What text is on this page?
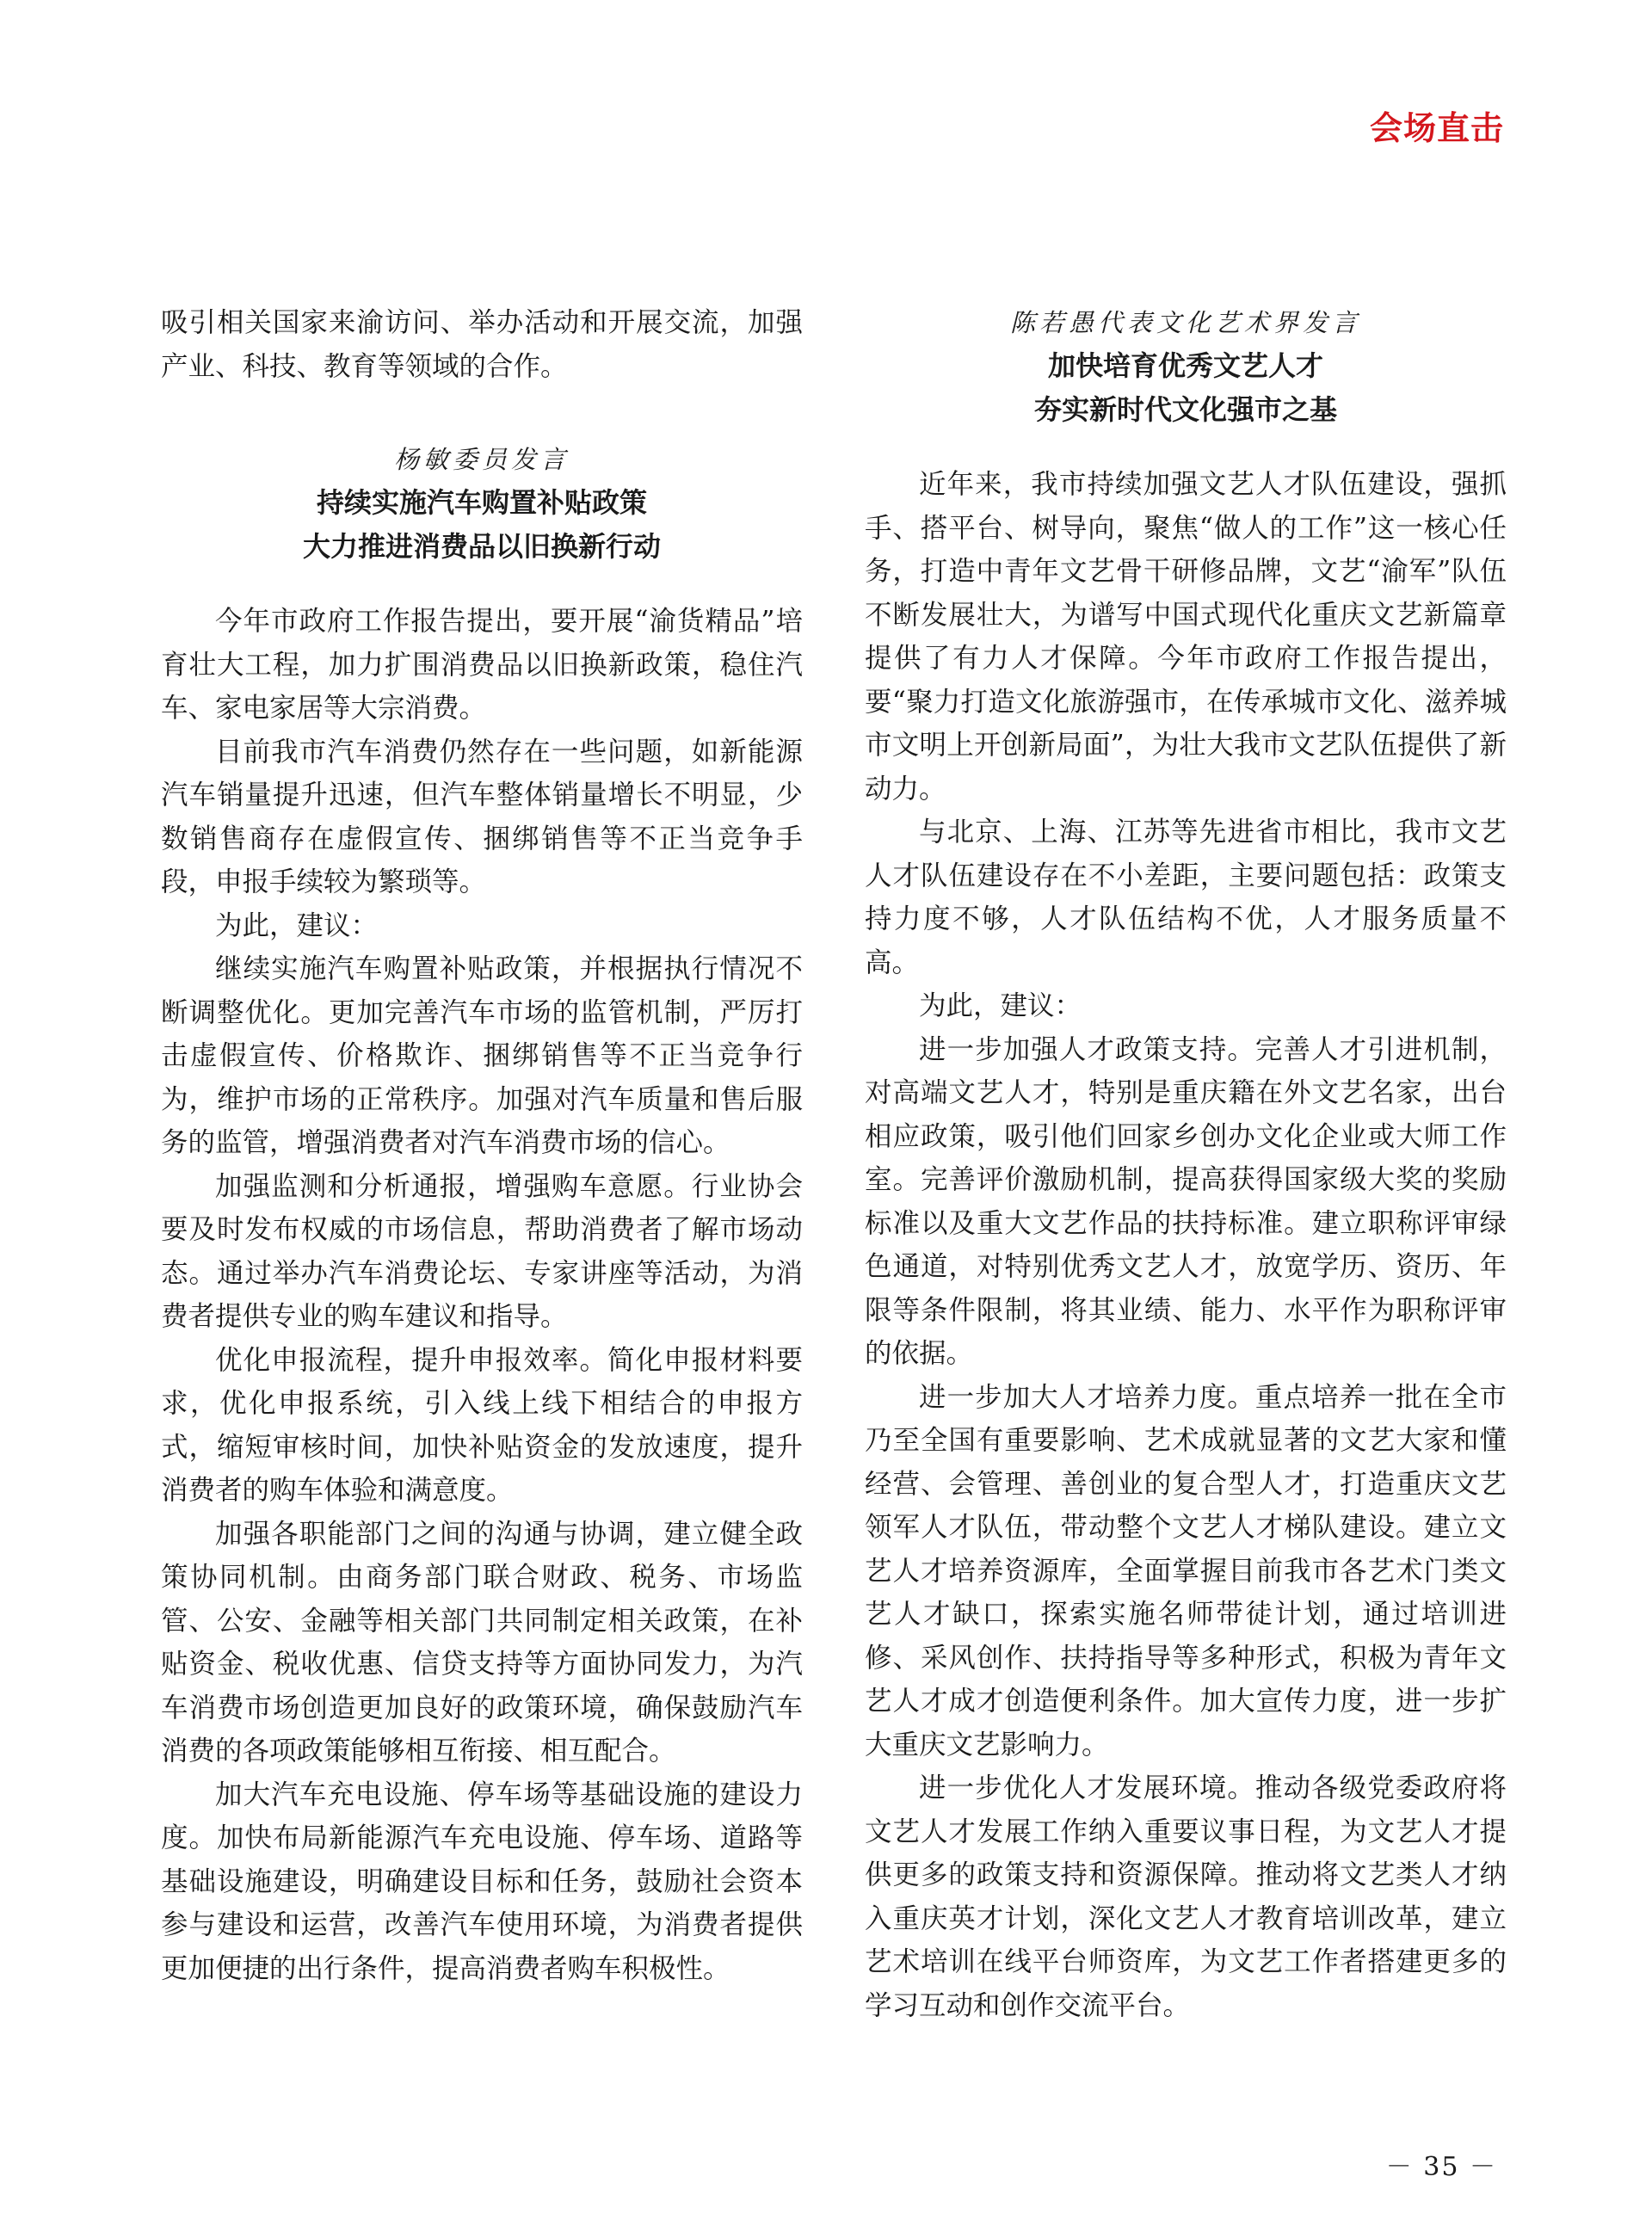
会场直击

吸引相关国家来渝访问、举办活动和开展交流，加强产业、科技、教育等领域的合作。

杨敏委员发言

持续实施汽车购置补贴政策

大力推进消费品以旧换新行动

今年市政府工作报告提出，要开展“渝货精品”培育壮大工程，加力扩围消费品以旧换新政策，稳住汽车、家电家居等大宗消费。

目前我市汽车消费仍然存在一些问题，如新能源汽车销量提升迅速，但汽车整体销量增长不明显，少数销售商存在虚假宣传、捆绑销售等不正当竞争手段，申报手续较为繁琐等。

为此，建议：

继续实施汽车购置补贴政策，并根据执行情况不断调整优化。更加完善汽车市场的监管机制，严厉打击虚假宣传、价格欺诈、捆绑销售等不正当竞争行为，维护市场的正常秩序。加强对汽车质量和售后服务的监管，增强消费者对汽车消费市场的信心。

加强监测和分析通报，增强购车意愿。行业协会要及时发布权威的市场信息，帮助消费者了解市场动态。通过举办汽车消费论坛、专家讲座等活动，为消费者提供专业的购车建议和指导。

优化申报流程，提升申报效率。简化申报材料要求，优化申报系统，引入线上线下相结合的申报方式，缩短审核时间，加快补贴资金的发放速度，提升消费者的购车体验和满意度。

加强各职能部门之间的沟通与协调，建立健全政策协同机制。由商务部门联合财政、税务、市场监管、公安、金融等相关部门共同制定相关政策，在补贴资金、税收优惠、信贷支持等方面协同发力，为汽车消费市场创造更加良好的政策环境，确保鼓励汽车消费的各项政策能够相互衔接、相互配合。

加大汽车充电设施、停车场等基础设施的建设力度。加快布局新能源汽车充电设施、停车场、道路等基础设施建设，明确建设目标和任务，鼓励社会资本参与建设和运营，改善汽车使用环境，为消费者提供更加便捷的出行条件，提高消费者购车积极性。

陈若愚代表文化艺术界发言

加快培育优秀文艺人才

夯实新时代文化强市之基

近年来，我市持续加强文艺人才队伍建设，强抓手、搭平台、树导向，聚焦“做人的工作”这一核心任务，打造中青年文艺骨干研修品牌，文艺“渝军”队伍不断发展壮大，为谱写中国式现代化重庆文艺新篇章提供了有力人才保障。今年市政府工作报告提出，要“聚力打造文化旅游强市，在传承城市文化、滋养城市文明上开创新局面”，为壮大我市文艺队伍提供了新动力。

与北京、上海、江苏等先进省市相比，我市文艺人才队伍建设存在不小差距，主要问题包括：政策支持力度不够，人才队伍结构不优，人才服务质量不高。

为此，建议：

进一步加强人才政策支持。完善人才引进机制，对高端文艺人才，特别是重庆籍在外文艺名家，出台相应政策，吸引他们回家乡创办文化企业或大师工作室。完善评价激励机制，提高获得国家级大奖的奖励标准以及重大文艺作品的扶持标准。建立职称评审绿色通道，对特别优秀文艺人才，放宽学历、资历、年限等条件限制，将其业绩、能力、水平作为职称评审的依据。

进一步加大人才培养力度。重点培养一批在全市乃至全国有重要影响、艺术成就显著的文艺大家和懂经营、会管理、善创业的复合型人才，打造重庆文艺领军人才队伍，带动整个文艺人才梯队建设。建立文艺人才培养资源库，全面掌握目前我市各艺术门类文艺人才缺口，探索实施名师带徒计划，通过培训进修、采风创作、扶持指导等多种形式，积极为青年文艺人才成才创造便利条件。加大宣传力度，进一步扩大重庆文艺影响力。

进一步优化人才发展环境。推动各级党委政府将文艺人才发展工作纳入重要议事日程，为文艺人才提供更多的政策支持和资源保障。推动将文艺类人才纳入重庆英才计划，深化文艺人才教育培训改革，建立艺术培训在线平台师资库，为文艺工作者搭建更多的学习互动和创作交流平台。

－ 35 －
